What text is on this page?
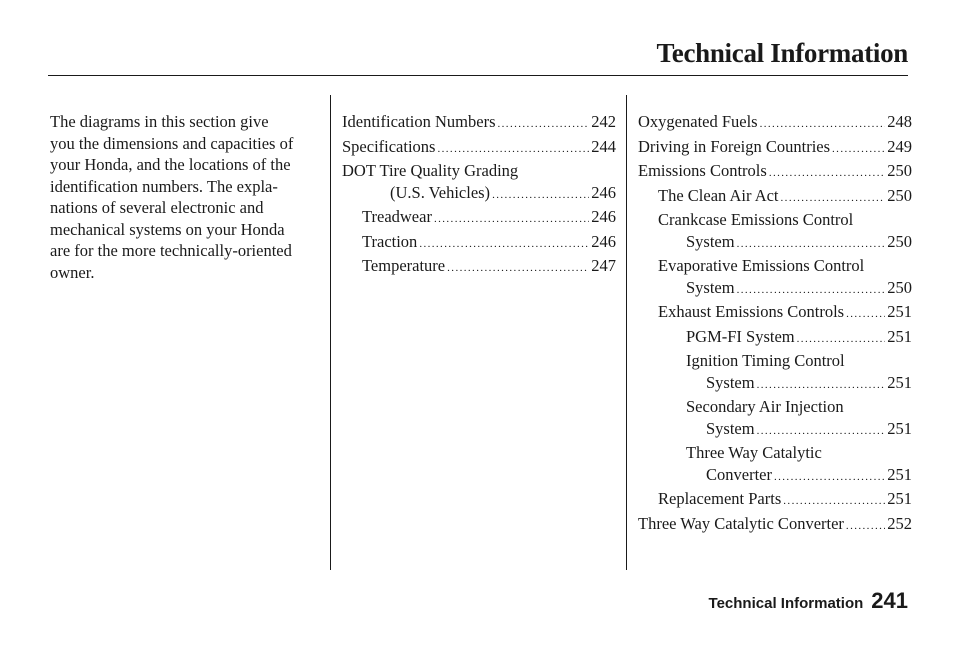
Technical Information
The diagrams in this section give
you the dimensions and capacities of
your Honda, and the locations of the
identification numbers. The expla-
nations of several electronic and
mechanical systems on your Honda
are for the more technically-oriented
owner.
Identification Numbers .....	242
Specifications .....	244
DOT Tire Quality Grading
(U.S. Vehicles) .....	246
Treadwear .....	246
Traction .....	246
Temperature .....	247
Oxygenated Fuels .....	248
Driving in Foreign Countries .....	249
Emissions Controls .....	250
The Clean Air Act .....	250
Crankcase Emissions Control
System .....	250
Evaporative Emissions Control
System .....	250
Exhaust Emissions Controls .....	251
PGM-FI System .....	251
Ignition Timing Control
System .....	251
Secondary Air Injection
System .....	251
Three Way Catalytic
Converter .....	251
Replacement Parts .....	251
Three Way Catalytic Converter .....	252
Technical Information 241
